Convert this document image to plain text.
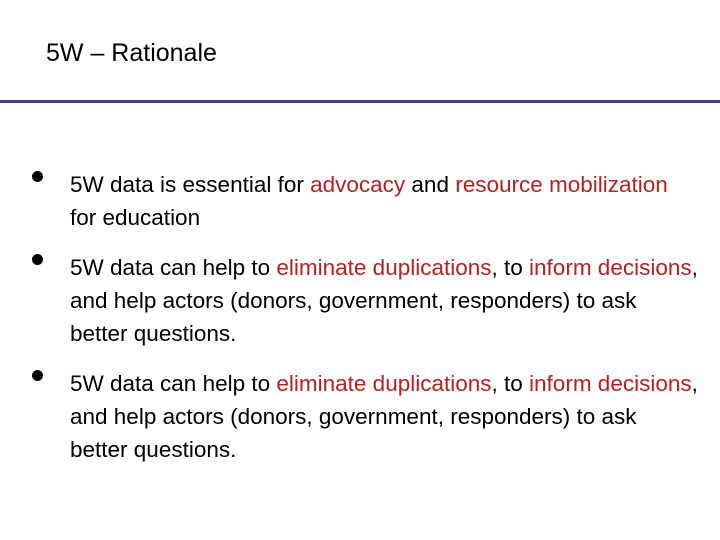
5W – Rationale
5W data is essential for advocacy and resource mobilization for education
5W data can help to eliminate duplications, to inform decisions, and help actors (donors, government, responders) to ask better questions.
5W data can help to eliminate duplications, to inform decisions, and help actors (donors, government, responders) to ask better questions.
